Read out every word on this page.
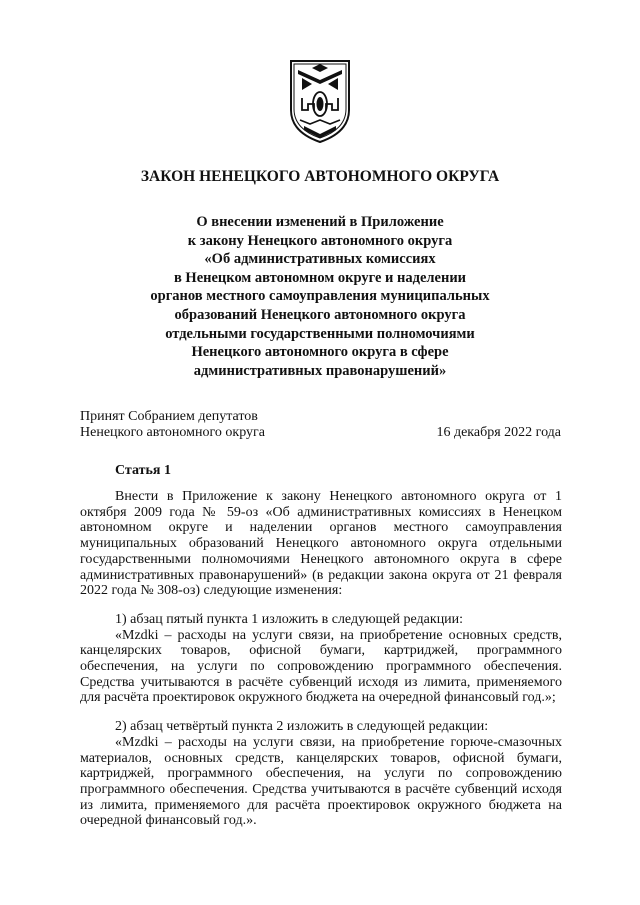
ЗАКОН НЕНЕЦКОГО АВТОНОМНОГО ОКРУГА
О внесении изменений в Приложение
к закону Ненецкого автономного округа
«Об административных комиссиях
в Ненецком автономном округе и наделении
органов местного самоуправления муниципальных
образований Ненецкого автономного округа
отдельными государственными полномочиями
Ненецкого автономного округа в сфере
административных правонарушений»
Принят Собранием депутатов
Ненецкого автономного округа	16 декабря 2022 года
Статья 1

Внести в Приложение к закону Ненецкого автономного округа от 1 октября 2009 года № 59-оз «Об административных комиссиях в Ненецком автономном округе и наделении органов местного самоуправления муниципальных образований Ненецкого автономного округа отдельными государственными полномочиями Ненецкого автономного округа в сфере административных правонарушений» (в редакции закона округа от 21 февраля 2022 года № 308-оз) следующие изменения:

1) абзац пятый пункта 1 изложить в следующей редакции:

«Mzdki – расходы на услуги связи, на приобретение основных средств, канцелярских товаров, офисной бумаги, картриджей, программного обеспечения, на услуги по сопровождению программного обеспечения. Средства учитываются в расчёте субвенций исходя из лимита, применяемого для расчёта проектировок окружного бюджета на очередной финансовый год.»;

2) абзац четвёртый пункта 2 изложить в следующей редакции:

«Mzdki – расходы на услуги связи, на приобретение горюче-смазочных материалов, основных средств, канцелярских товаров, офисной бумаги, картриджей, программного обеспечения, на услуги по сопровождению программного обеспечения. Средства учитываются в расчёте субвенций исходя из лимита, применяемого для расчёта проектировок окружного бюджета на очередной финансовый год.».
